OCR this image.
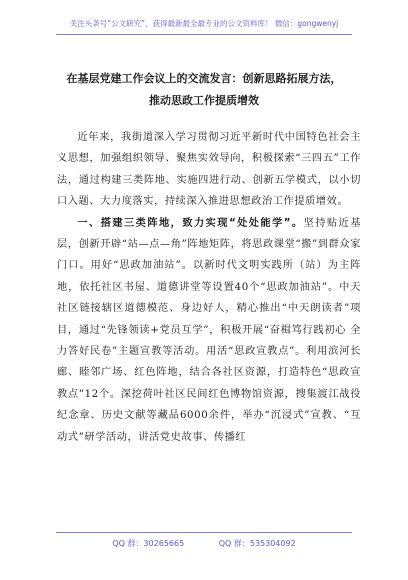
关注头条号“公文研究”，获得最新最全最专业的公文资料库！ 微信：gongwenyj
在基层党建工作会议上的交流发言：创新思路拓展方法，
推动思政工作提质增效

近年来，我街道深入学习贯彻习近平新时代中国特色社会主义思想，加强组织领导、聚焦实效导向，积极探索“三四五”工作法，通过构建三类阵地、实施四进行动、创新五学模式，以小切口入题、大力度落实，持续深入推进思想政治工作提质增效。

一、搭建三类阵地，致力实现“处处能学”。坚持贴近基层，创新开辟“站—点—角”阵地矩阵，将思政课堂“搬”到群众家门口。用好“思政加油站”。以新时代文明实践所（站）为主阵地，依托社区书屋、道德讲堂等设置40个“思政加油站”。中天社区链接辖区道德模范、身边好人，精心推出“中天朗读者”项目，通过“先锋领读+党员互学”，积极开展“奋楫笃行践初心 全力答好民卷”主题宣教等活动。用活“思政宣教点”。利用滨河长廊、睦邻广场、红色阵地，结合各社区资源，打造特色“思政宣教点”12个。深挖荷叶社区民间红色博物馆资源，搜集渡江战役纪念章、历史文献等藏品6000余件，举办“沉浸式”宣教、“互动式”研学活动，讲活党史故事、传播红

QQ 群：30265665	QQ 群：535304092
